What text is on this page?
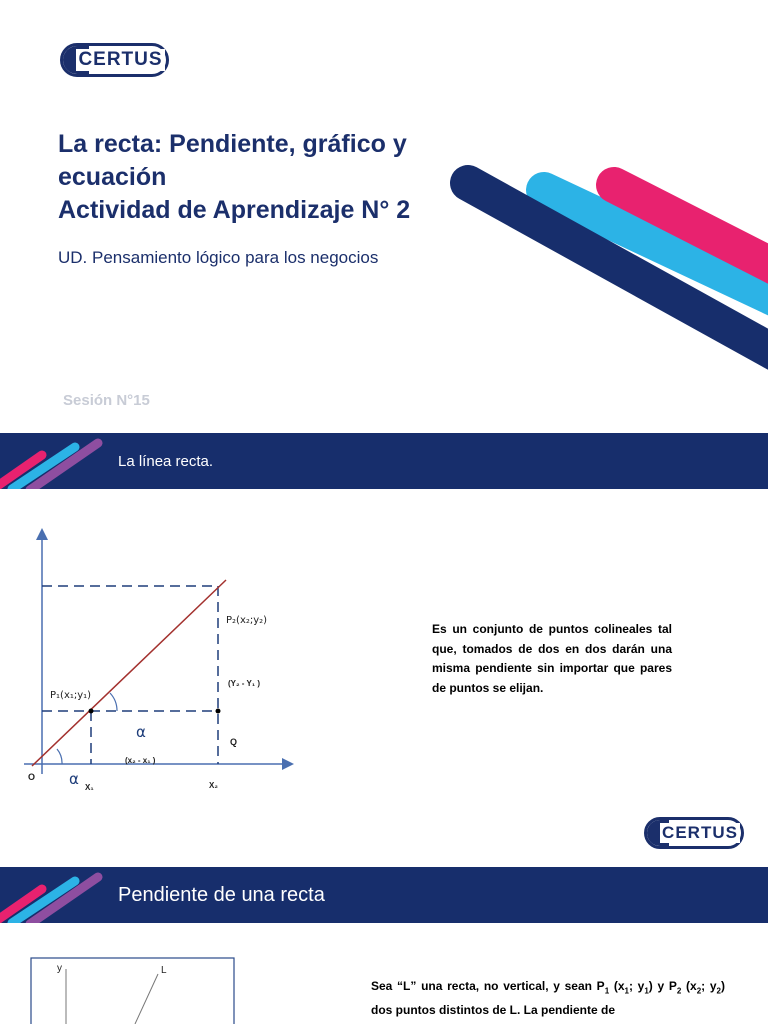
CERTUS
La recta: Pendiente, gráfico y
ecuación
Actividad de Aprendizaje N° 2
UD. Pensamiento lógico para los negocios
Sesión N°15
La línea recta.
P₂(x₂;y₂)
P₁(x₁;y₁)
(Y₂ - Y₁ )
(x₂ - x₁ )
Q
O
X₁	X₂
α
α
Es un conjunto de puntos colineales tal que, tomados de dos en dos darán una misma pendiente sin importar que pares de puntos se elijan.
CERTUS
Pendiente de una recta
y	L
Sea “L” una recta, no vertical, y sean $P_1$ ($x_1$; $y_1$) y $P_2$ ($x_2$; $y_2$) dos puntos distintos de L. La pendiente de
